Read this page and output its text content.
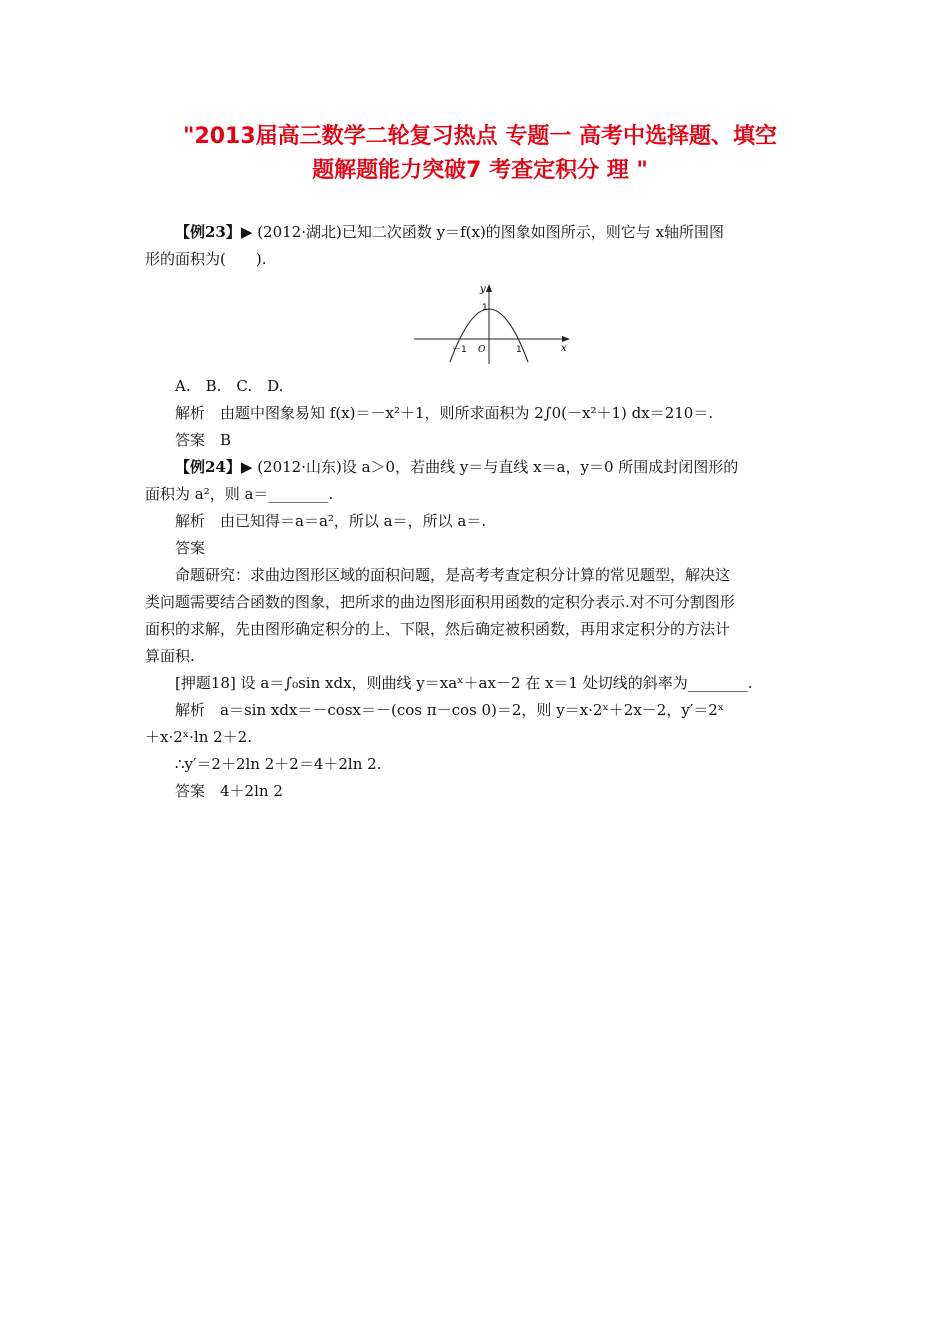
"2013届高三数学二轮复习热点 专题一 高考中选择题、填空
题解题能力突破7 考查定积分 理 "

【例23】▶ (2012·湖北)已知二次函数 y＝f(x)的图象如图所示，则它与 x轴所围图

形的面积为(　　).

y
x
1
－1 O	1

A.　B.　C.　D.

解析　由题中图象易知 f(x)＝－x²＋1，则所求面积为 2∫0(－x²＋1) dx＝210＝.

答案　B

【例24】▶ (2012·山东)设 a＞0，若曲线 y＝与直线 x＝a，y＝0 所围成封闭图形的

面积为 a²，则 a＝________.

解析　由已知得＝a＝a²，所以 a＝，所以 a＝.

答案

命题研究：求曲边图形区域的面积问题，是高考考查定积分计算的常见题型，解决这

类问题需要结合函数的图象，把所求的曲边图形面积用函数的定积分表示.对不可分割图形

面积的求解，先由图形确定积分的上、下限，然后确定被积函数，再用求定积分的方法计

算面积.

[押题18] 设 a＝∫₀sin xdx，则曲线 y＝xaˣ＋ax－2 在 x＝1 处切线的斜率为________.

解析　a＝sin xdx＝－cosx＝－(cos π－cos 0)＝2，则 y＝x·2ˣ＋2x－2，y′＝2ˣ

＋x·2ˣ·ln 2＋2.

∴y′＝2＋2ln 2＋2＝4＋2ln 2.

答案　4＋2ln 2
